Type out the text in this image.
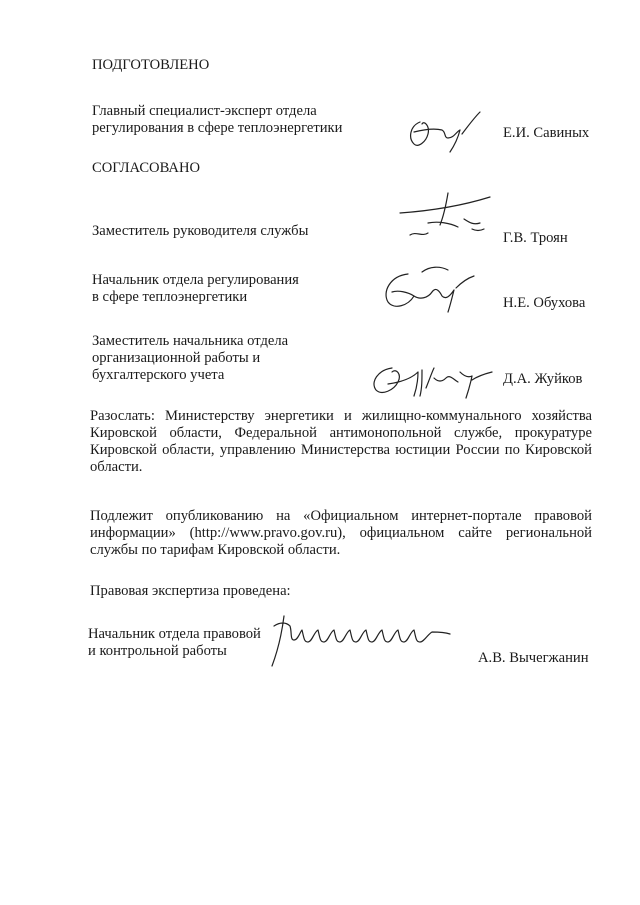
ПОДГОТОВЛЕНО
Главный специалист-эксперт отдела
регулирования в сфере теплоэнергетики	Е.И. Савиных
СОГЛАСОВАНО
Заместитель руководителя службы	Г.В. Троян
Начальник отдела регулирования
в сфере теплоэнергетики	Н.Е. Обухова
Заместитель начальника отдела
организационной работы и
бухгалтерского учета	Д.А. Жуйков
Разослать: Министерству энергетики и жилищно-коммунального хозяйства Кировской области, Федеральной антимонопольной службе, прокуратуре Кировской области, управлению Министерства юстиции России по Кировской области.
Подлежит опубликованию на «Официальном интернет-портале правовой информации» (http://www.pravo.gov.ru), официальном сайте региональной службы по тарифам Кировской области.
Правовая экспертиза проведена:
Начальник отдела правовой
и контрольной работы	А.В. Вычегжанин
